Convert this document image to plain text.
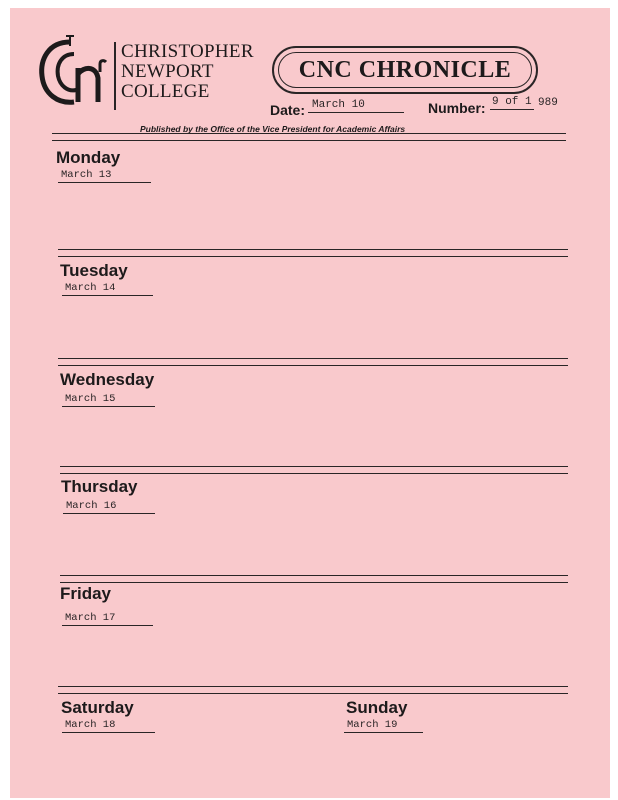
CHRISTOPHER
NEWPORT
COLLEGE
CNC CHRONICLE
Date: March 10	Number: 9 of 1 989
Published by the Office of the Vice President for Academic Affairs
Monday
March 13
Tuesday
March 14
Wednesday
March 15
Thursday
March 16
Friday
March 17
Saturday
March 18
Sunday
March 19
